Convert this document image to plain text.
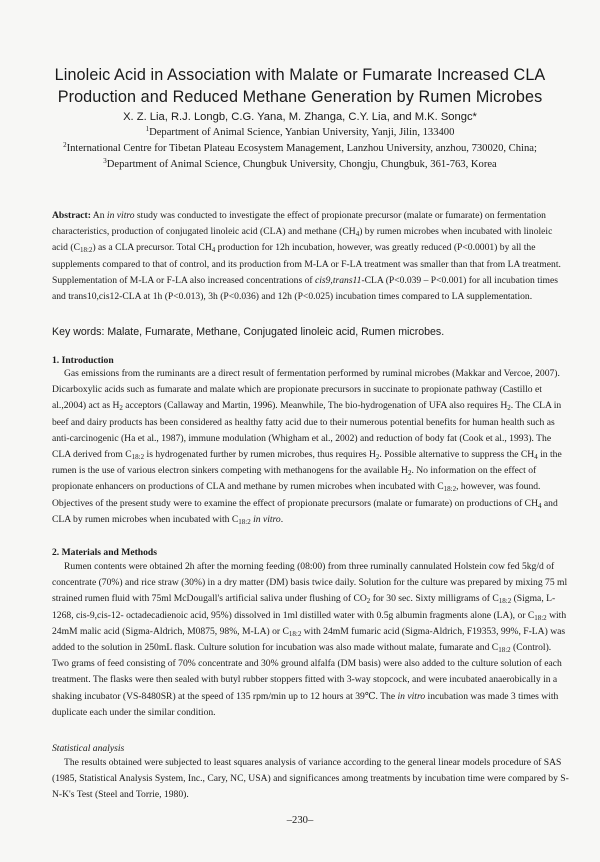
Linoleic Acid in Association with Malate or Fumarate Increased CLA
Production and Reduced Methane Generation by Rumen Microbes
X. Z. Lia, R.J. Longb, C.G. Yana, M. Zhanga, C.Y. Lia, and M.K. Songc*
$^1$Department of Animal Science, Yanbian University, Yanji, Jilin, 133400
$^2$International Centre for Tibetan Plateau Ecosystem Management, Lanzhou University, anzhou, 730020, China;
$^3$Department of Animal Science, Chungbuk University, Chongju, Chungbuk, 361-763, Korea

Abstract: An in vitro study was conducted to investigate the effect of propionate precursor (malate or fumarate) on fermentation characteristics, production of conjugated linoleic acid (CLA) and methane $(CH_4)$ by rumen microbes when incubated with linoleic acid $(C_{18:2})$ as a CLA precursor. Total $CH_4$ production for 12h incubation, however, was greatly reduced (P<0.0001) by all the supplements compared to that of control, and its production from M-LA or F-LA treatment was smaller than that from LA treatment. Supplementation of M-LA or F-LA also increased concentrations of cis9,trans11-CLA (P<0.039 – P<0.001) for all incubation times and trans10,cis12-CLA at 1h (P<0.013), 3h (P<0.036) and 12h (P<0.025) incubation times compared to LA supplementation.

Key words: Malate, Fumarate, Methane, Conjugated linoleic acid, Rumen microbes.
1. Introduction

Gas emissions from the ruminants are a direct result of fermentation performed by ruminal microbes (Makkar and Vercoe, 2007). Dicarboxylic acids such as fumarate and malate which are propionate precursors in succinate to propionate pathway (Castillo et al.,2004) act as $H_2$ acceptors (Callaway and Martin, 1996). Meanwhile, The bio-hydrogenation of UFA also requires $H_2$. The CLA in beef and dairy products has been considered as healthy fatty acid due to their numerous potential benefits for human health such as anti-carcinogenic (Ha et al., 1987), immune modulation (Whigham et al., 2002) and reduction of body fat (Cook et al., 1993). The CLA derived from $C_{18:2}$ is hydrogenated further by rumen microbes, thus requires $H_2$. Possible alternative to suppress the $CH_4$ in the rumen is the use of various electron sinkers competing with methanogens for the available $H_2$. No information on the effect of propionate enhancers on productions of CLA and methane by rumen microbes when incubated with $C_{18:2}$, however, was found. Objectives of the present study were to examine the effect of propionate precursors (malate or fumarate) on productions of $CH_4$ and CLA by rumen microbes when incubated with $C_{18:2}$ in vitro.

2. Materials and Methods

Rumen contents were obtained 2h after the morning feeding (08:00) from three ruminally cannulated Holstein cow fed 5kg/d of concentrate (70%) and rice straw (30%) in a dry matter (DM) basis twice daily. Solution for the culture was prepared by mixing 75 ml strained rumen fluid with 75ml McDougall's artificial saliva under flushing of $CO_2$ for 30 sec. Sixty milligrams of $C_{18:2}$ (Sigma, L-1268, cis-9,cis-12- octadecadienoic acid, 95%) dissolved in 1ml distilled water with 0.5g albumin fragments alone (LA), or $C_{18:2}$ with 24mM malic acid (Sigma-Aldrich, M0875, 98%, M-LA) or $C_{18:2}$ with 24mM fumaric acid (Sigma-Aldrich, F19353, 99%, F-LA) was added to the solution in 250mL flask. Culture solution for incubation was also made without malate, fumarate and $C_{18:2}$ (Control). Two grams of feed consisting of 70% concentrate and 30% ground alfalfa (DM basis) were also added to the culture solution of each treatment. The flasks were then sealed with butyl rubber stoppers fitted with 3-way stopcock, and were incubated anaerobically in a shaking incubator (VS-8480SR) at the speed of 135 rpm/min up to 12 hours at 39℃. The in vitro incubation was made 3 times with duplicate each under the similar condition.

Statistical analysis

The results obtained were subjected to least squares analysis of variance according to the general linear models procedure of SAS (1985, Statistical Analysis System, Inc., Cary, NC, USA) and significances among treatments by incubation time were compared by S-N-K's Test (Steel and Torrie, 1980).

–230–
